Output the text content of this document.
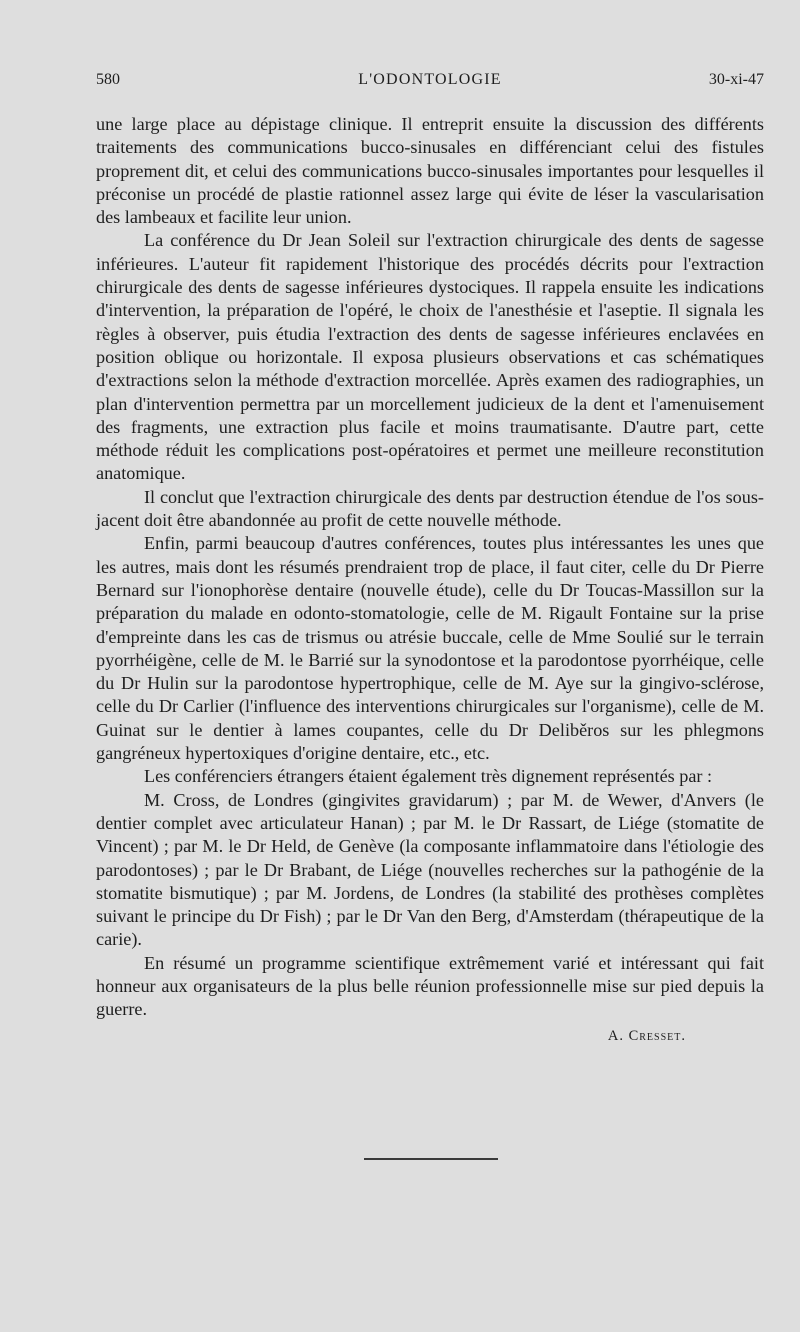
580	L'ODONTOLOGIE	30-xi-47

une large place au dépistage clinique. Il entreprit ensuite la discussion des différents traitements des communications bucco-sinusales en différenciant celui des fistules proprement dit, et celui des communications bucco-sinusales importantes pour lesquelles il préconise un procédé de plastie rationnel assez large qui évite de léser la vascularisation des lambeaux et facilite leur union.

La conférence du Dr Jean Soleil sur l'extraction chirurgicale des dents de sagesse inférieures. L'auteur fit rapidement l'historique des procédés décrits pour l'extraction chirurgicale des dents de sagesse inférieures dystociques. Il rappela ensuite les indications d'intervention, la préparation de l'opéré, le choix de l'anesthésie et l'aseptie. Il signala les règles à observer, puis étudia l'extraction des dents de sagesse inférieures enclavées en position oblique ou horizontale. Il exposa plusieurs observations et cas schématiques d'extractions selon la méthode d'extraction morcellée. Après examen des radiographies, un plan d'intervention permettra par un morcellement judicieux de la dent et l'amenuisement des fragments, une extraction plus facile et moins traumatisante. D'autre part, cette méthode réduit les complications post-opératoires et permet une meilleure reconstitution anatomique.

Il conclut que l'extraction chirurgicale des dents par destruction étendue de l'os sous-jacent doit être abandonnée au profit de cette nouvelle méthode.

Enfin, parmi beaucoup d'autres conférences, toutes plus intéressantes les unes que les autres, mais dont les résumés prendraient trop de place, il faut citer, celle du Dr Pierre Bernard sur l'ionophorèse dentaire (nouvelle étude), celle du Dr Toucas-Massillon sur la préparation du malade en odonto-stomatologie, celle de M. Rigault Fontaine sur la prise d'empreinte dans les cas de trismus ou atrésie buccale, celle de Mme Soulié sur le terrain pyorrhéigène, celle de M. le Barrié sur la synodontose et la parodontose pyorrhéique, celle du Dr Hulin sur la parodontose hypertrophique, celle de M. Aye sur la gingivo-sclérose, celle du Dr Carlier (l'influence des interventions chirurgicales sur l'organisme), celle de M. Guinat sur le dentier à lames coupantes, celle du Dr Deliběros sur les phlegmons gangréneux hypertoxiques d'origine dentaire, etc., etc.

Les conférenciers étrangers étaient également très dignement représentés par :

M. Cross, de Londres (gingivites gravidarum) ; par M. de Wewer, d'Anvers (le dentier complet avec articulateur Hanan) ; par M. le Dr Rassart, de Liége (stomatite de Vincent) ; par M. le Dr Held, de Genève (la composante inflammatoire dans l'étiologie des parodontoses) ; par le Dr Brabant, de Liége (nouvelles recherches sur la pathogénie de la stomatite bismutique) ; par M. Jordens, de Londres (la stabilité des prothèses complètes suivant le principe du Dr Fish) ; par le Dr Van den Berg, d'Amsterdam (thérapeutique de la carie).

En résumé un programme scientifique extrêmement varié et intéressant qui fait honneur aux organisateurs de la plus belle réunion professionnelle mise sur pied depuis la guerre.

A. Cresset.
